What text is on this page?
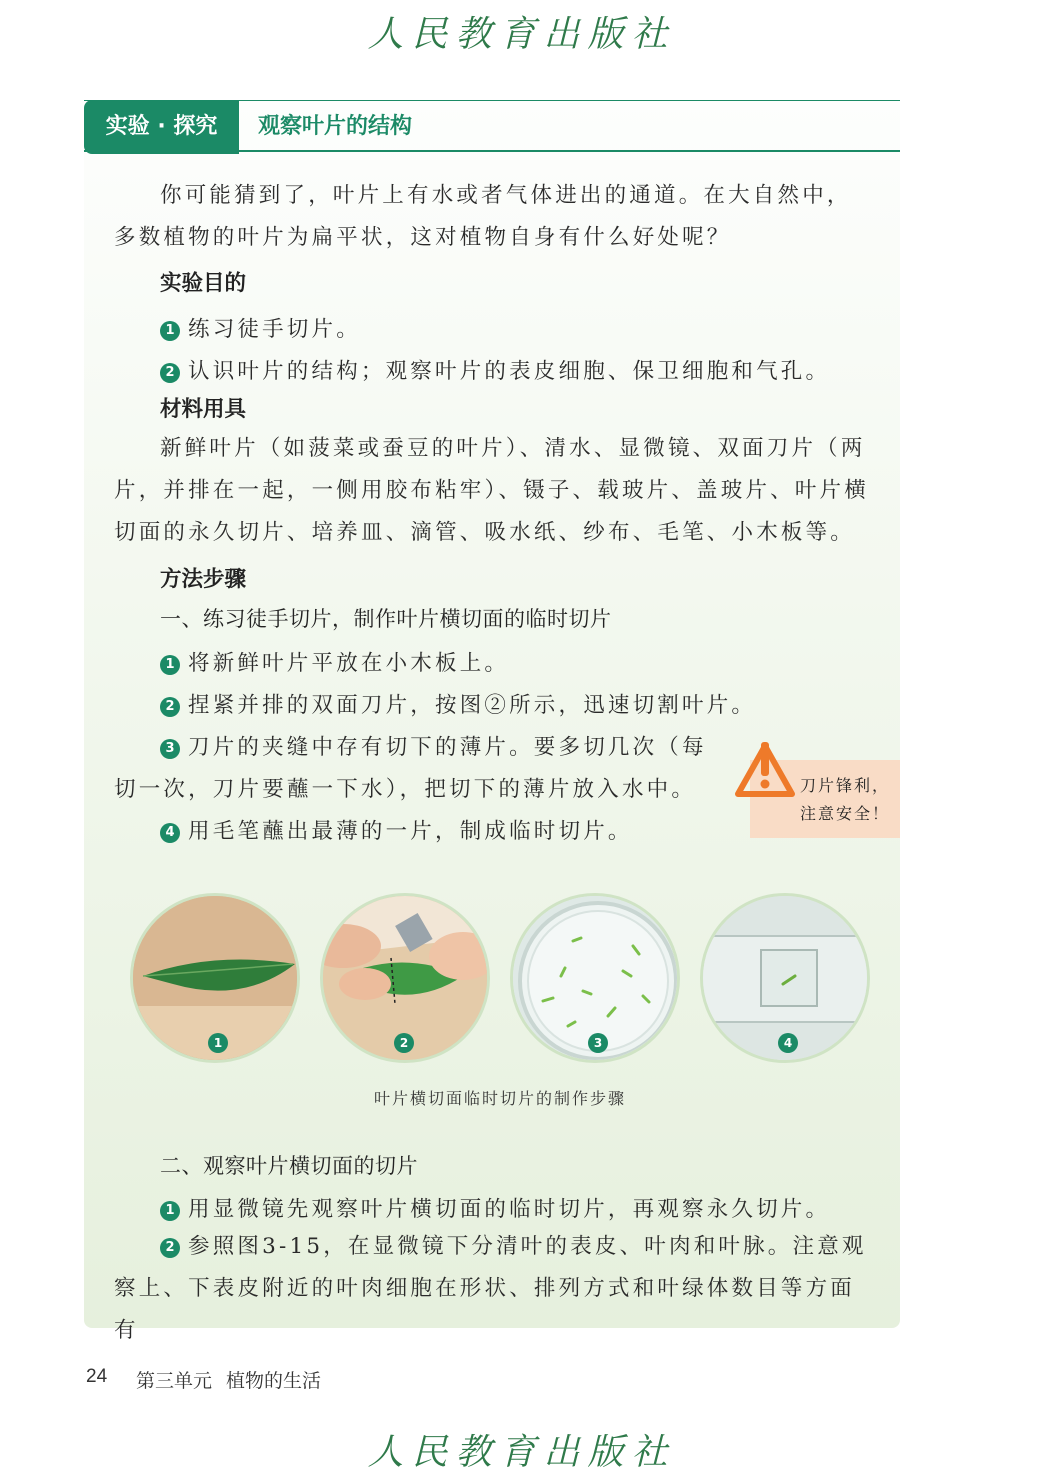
人民教育出版社
实验 · 探究	观察叶片的结构
你可能猜到了，叶片上有水或者气体进出的通道。在大自然中，多数植物的叶片为扁平状，这对植物自身有什么好处呢？
实验目的
1 练习徒手切片。
2 认识叶片的结构；观察叶片的表皮细胞、保卫细胞和气孔。
材料用具
新鲜叶片（如菠菜或蚕豆的叶片）、清水、显微镜、双面刀片（两片，并排在一起，一侧用胶布粘牢）、镊子、载玻片、盖玻片、叶片横切面的永久切片、培养皿、滴管、吸水纸、纱布、毛笔、小木板等。
方法步骤
一、练习徒手切片，制作叶片横切面的临时切片
1 将新鲜叶片平放在小木板上。
2 捏紧并排的双面刀片，按图②所示，迅速切割叶片。
3 刀片的夹缝中存有切下的薄片。要多切几次（每
切一次，刀片要蘸一下水），把切下的薄片放入水中。
4 用毛笔蘸出最薄的一片，制成临时切片。
刀片锋利，
注意安全！
1	2	3	4
叶片横切面临时切片的制作步骤
二、观察叶片横切面的切片
1 用显微镜先观察叶片横切面的临时切片，再观察永久切片。
2 参照图3-15，在显微镜下分清叶的表皮、叶肉和叶脉。注意观察上、下表皮附近的叶肉细胞在形状、排列方式和叶绿体数目等方面有
24 第三单元 植物的生活
人民教育出版社
